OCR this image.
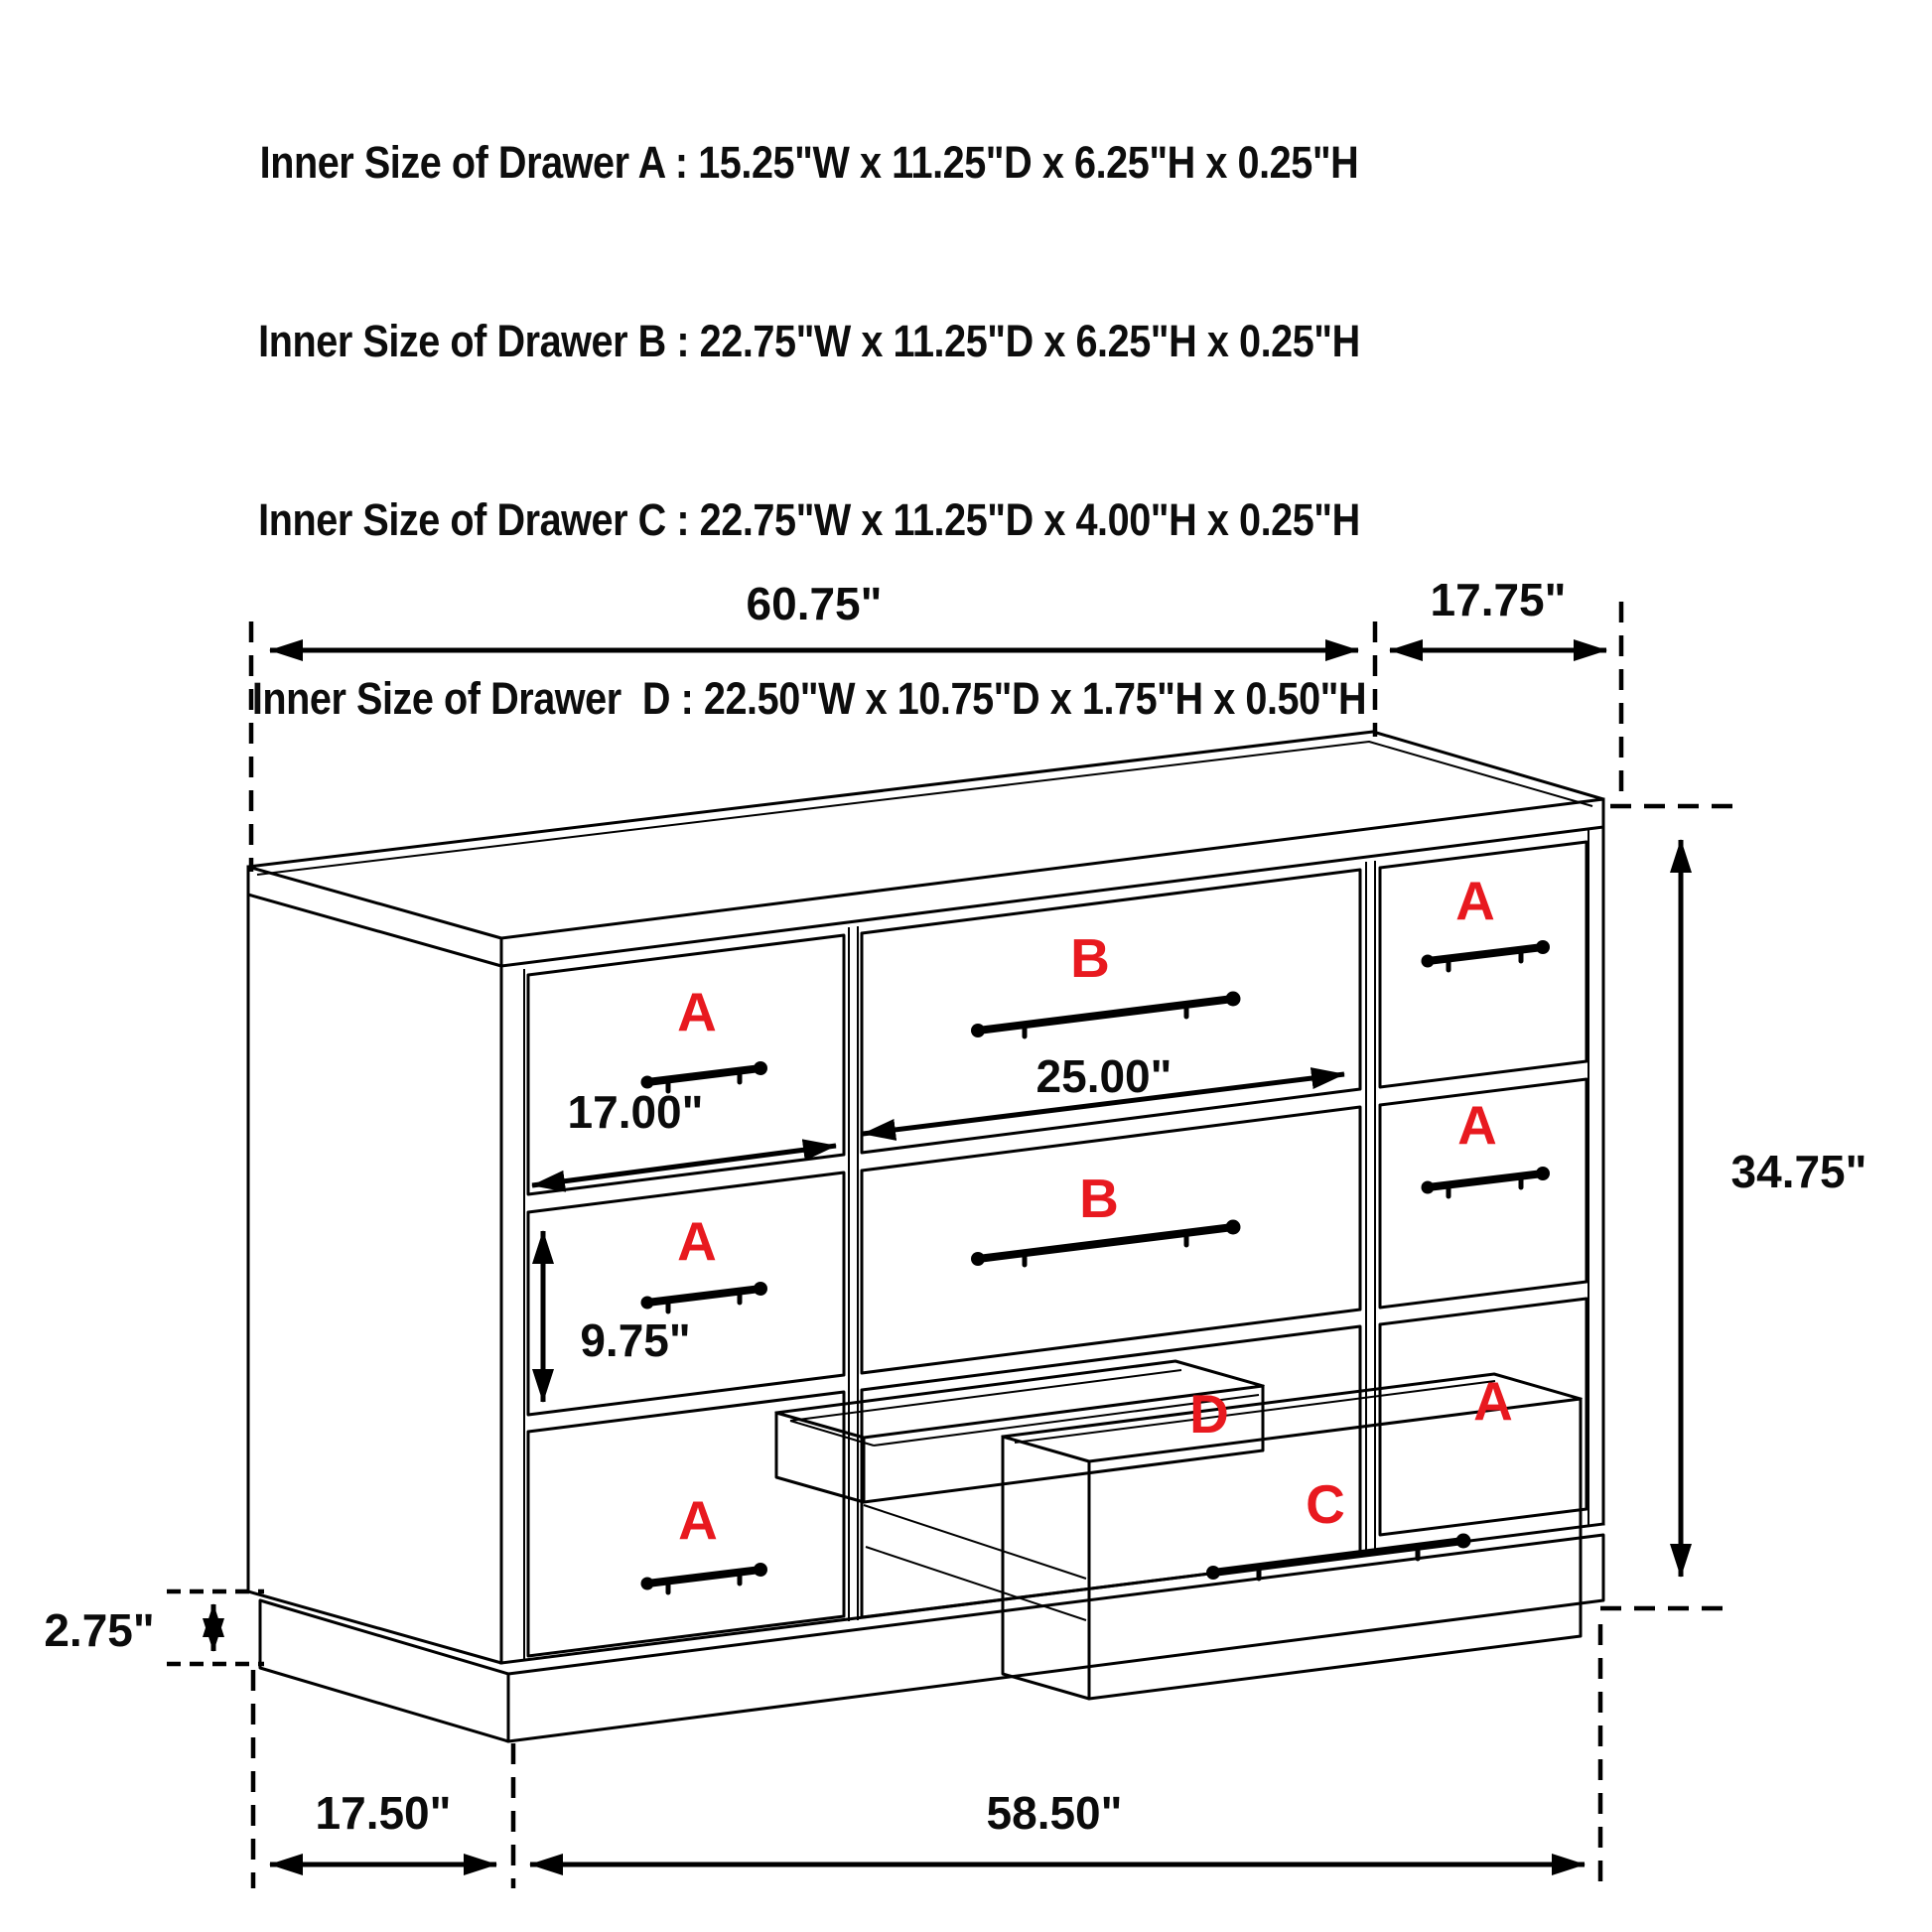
Inner Size of Drawer A : 15.25"W x 11.25"D x 6.25"H x 0.25"H

Inner Size of Drawer B : 22.75"W x 11.25"D x 6.25"H x 0.25"H

Inner Size of Drawer C : 22.75"W x 11.25"D x 4.00"H x 0.25"H

Inner Size of Drawer  D : 22.50"W x 10.75"D x 1.75"H x 0.50"H

60.75"	17.75"
34.75"
17.00"
25.00"
9.75"
2.75"
17.50"	58.50"
A
A
A
B
B
A
A
A
D
C
